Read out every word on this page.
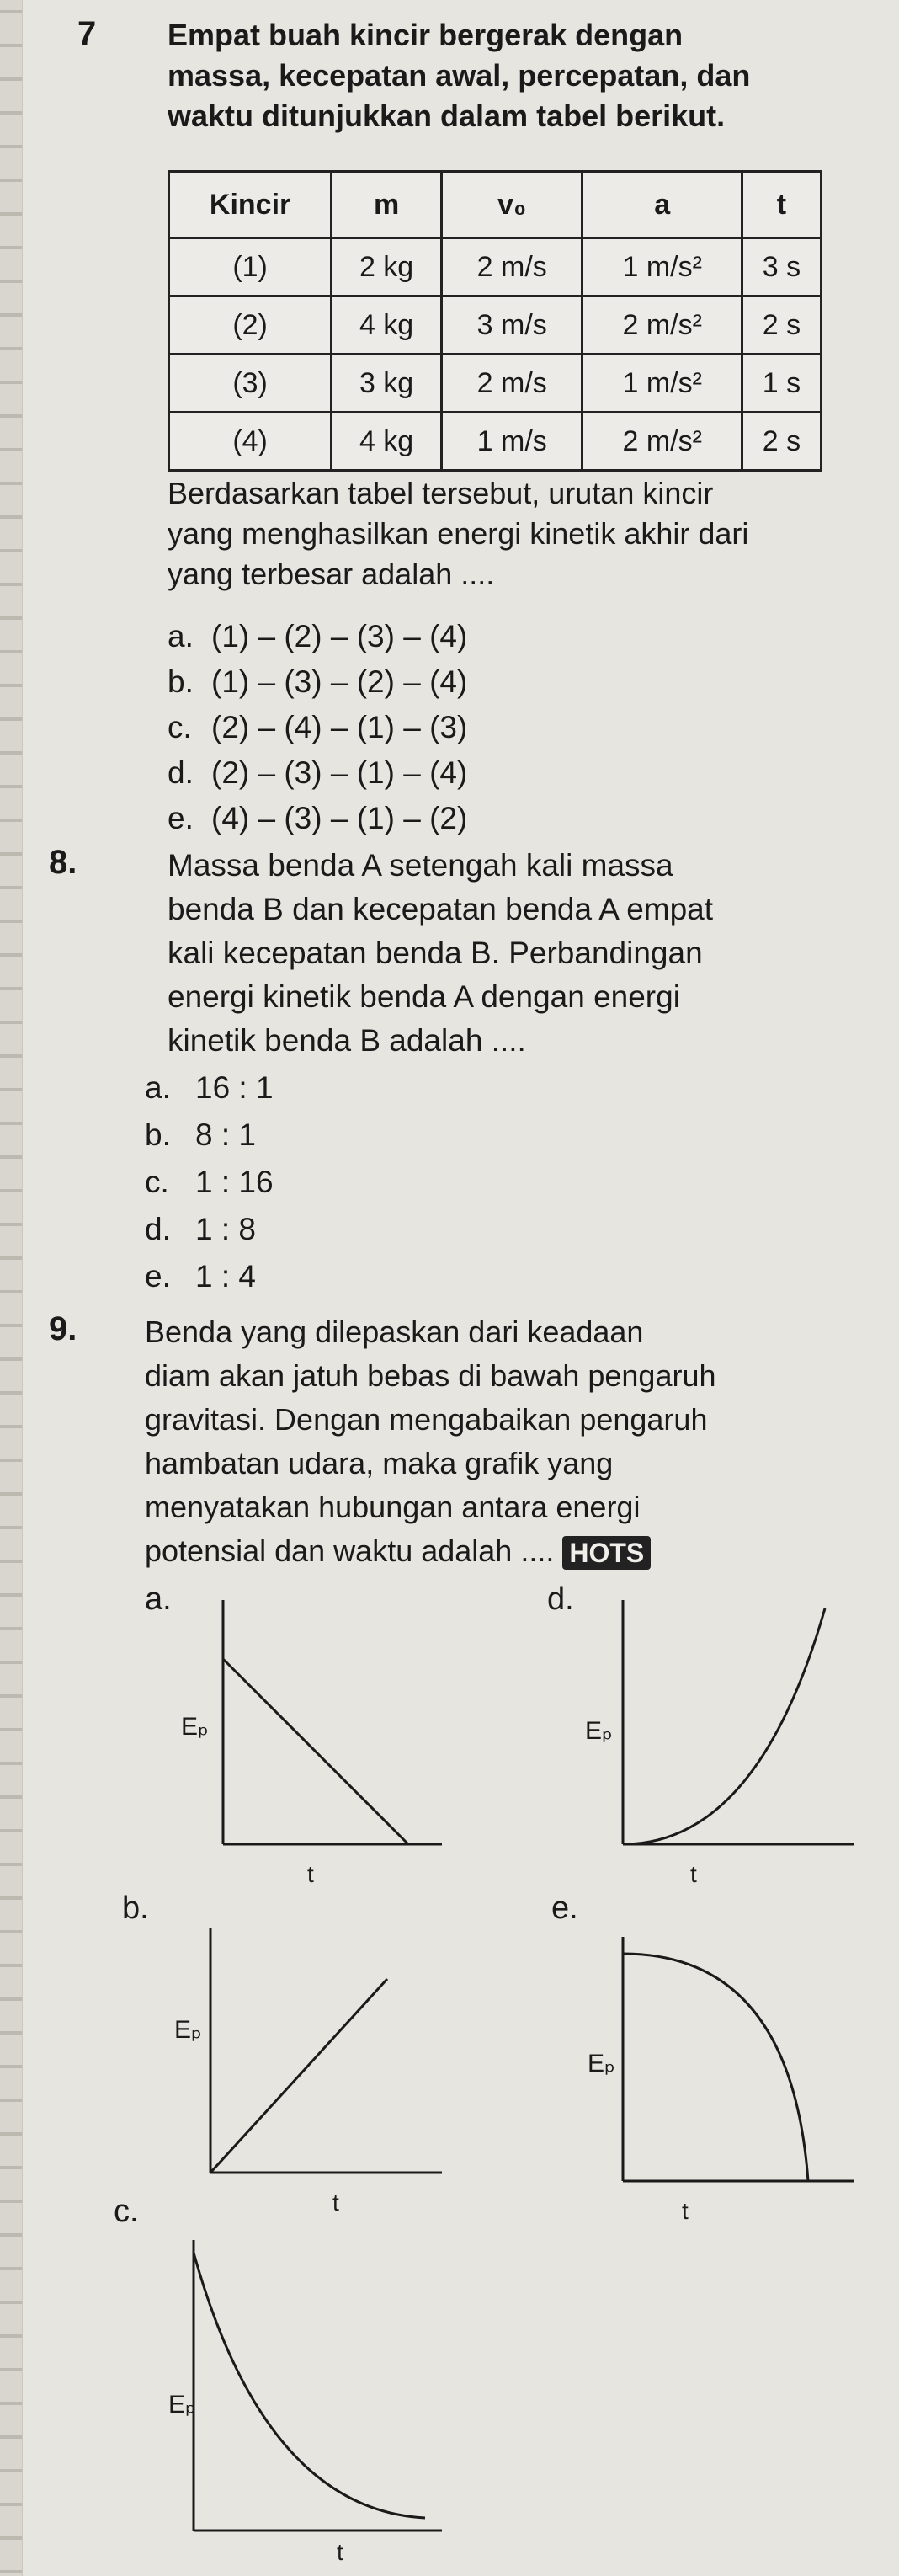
7 Empat buah kincir bergerak dengan
massa, kecepatan awal, percepatan, dan
waktu ditunjukkan dalam tabel berikut.
Kincir	m	v₀	a	t
(1)	2 kg	2 m/s	1 m/s²	3 s
(2)	4 kg	3 m/s	2 m/s²	2 s
(3)	3 kg	2 m/s	1 m/s²	1 s
(4)	4 kg	1 m/s	2 m/s²	2 s
Berdasarkan tabel tersebut, urutan kincir
yang menghasilkan energi kinetik akhir dari
yang terbesar adalah ....
a. (1) – (2) – (3) – (4)
b. (1) – (3) – (2) – (4)
c. (2) – (4) – (1) – (3)
d. (2) – (3) – (1) – (4)
e. (4) – (3) – (1) – (2)
8.	Massa benda A setengah kali massa
benda B dan kecepatan benda A empat
kali kecepatan benda B. Perbandingan
energi kinetik benda A dengan energi
kinetik benda B adalah ....
a. 16 : 1
b. 8 : 1
c. 1 : 16
d. 1 : 8
e. 1 : 4
9. Benda yang dilepaskan dari keadaan
diam akan jatuh bebas di bawah pengaruh
gravitasi. Dengan mengabaikan pengaruh
hambatan udara, maka grafik yang
menyatakan hubungan antara energi
potensial dan waktu adalah .... HOTS
a.
Eₚ
t
d.
Eₚ
t
b.
Eₚ
t
e.
Eₚ
t
c.
Eₚ
t
